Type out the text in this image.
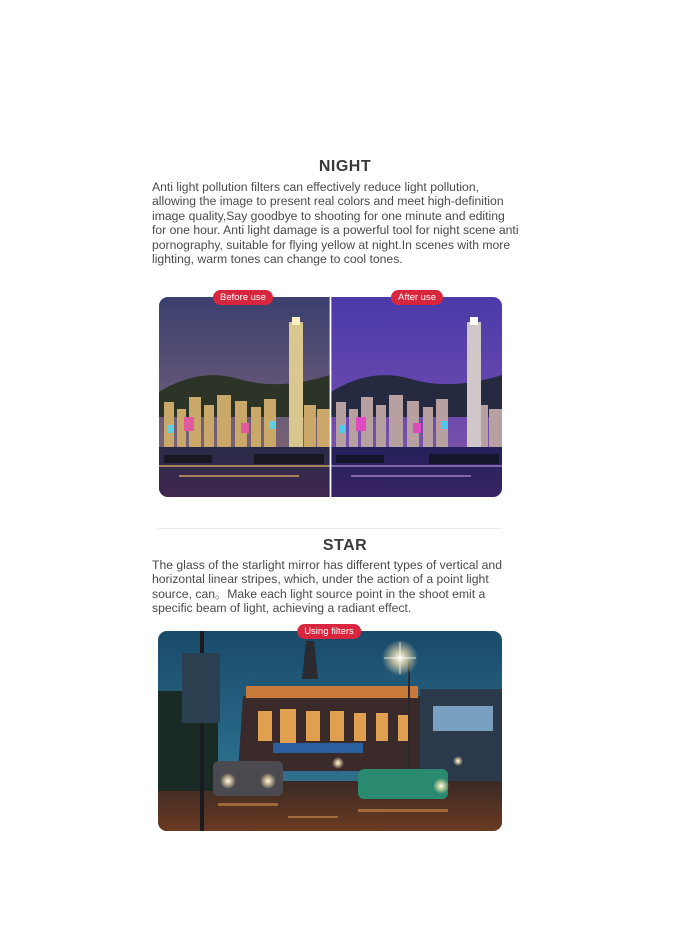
NIGHT

Anti light pollution filters can effectively reduce light pollution, allowing the image to present real colors and meet high-definition image quality,Say goodbye to shooting for one minute and editing for one hour. Anti light damage is a powerful tool for night scene anti pornography, suitable for flying yellow at night.In scenes with more lighting, warm tones can change to cool tones.

Before use	After use
STAR

The glass of the starlight mirror has different types of vertical and horizontal linear stripes, which, under the action of a point light source, can。Make each light source point in the shoot emit a specific beam of light, achieving a radiant effect.

Using filters
